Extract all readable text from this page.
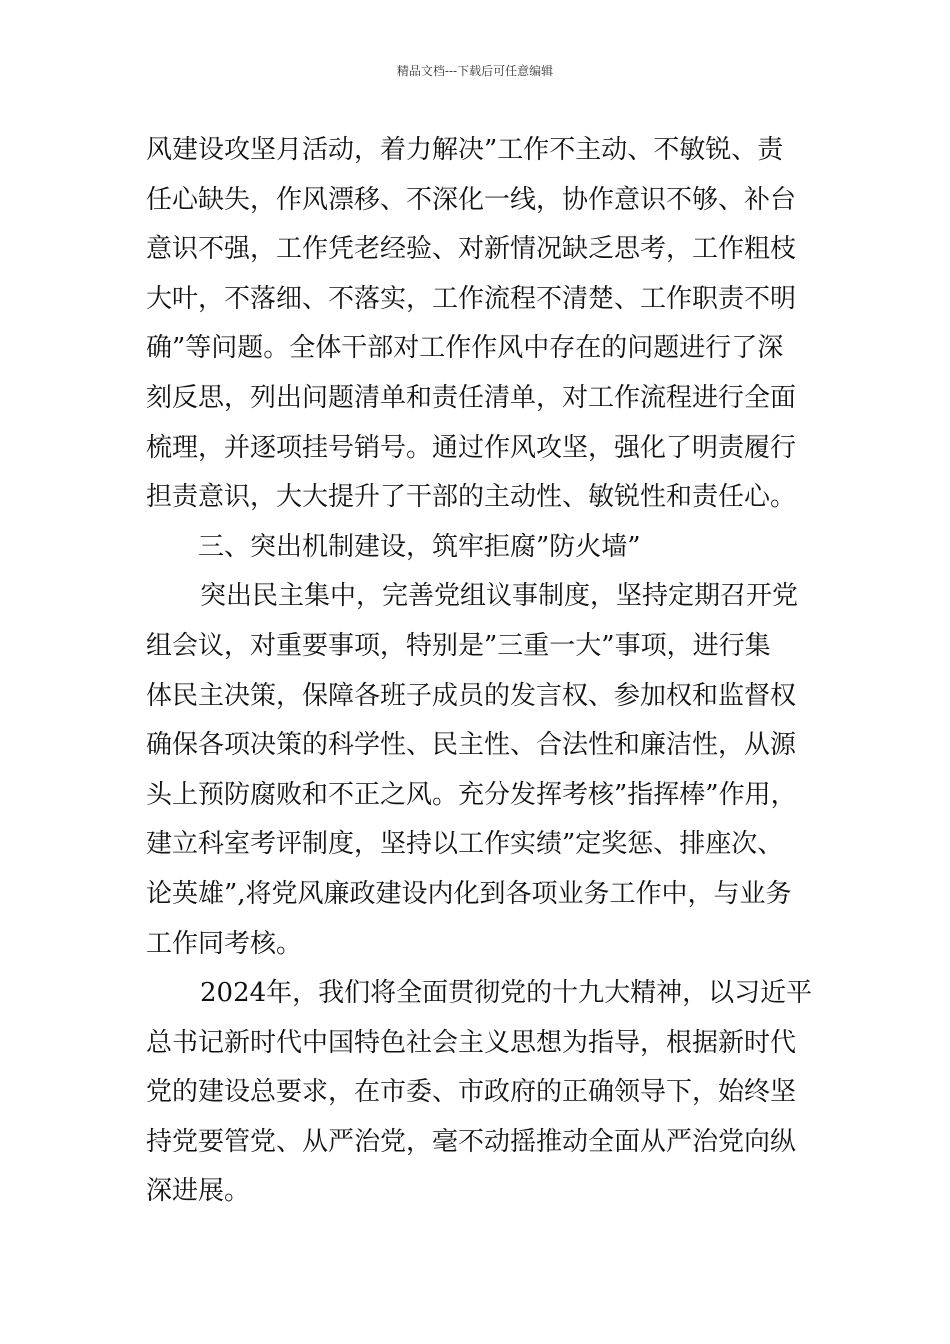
精品文档---下载后可任意编辑
风建设攻坚月活动，着力解决”工作不主动、不敏锐、责
任心缺失，作风漂移、不深化一线，协作意识不够、补台
意识不强，工作凭老经验、对新情况缺乏思考，工作粗枝
大叶，不落细、不落实，工作流程不清楚、工作职责不明
确”等问题。全体干部对工作作风中存在的问题进行了深
刻反思，列出问题清单和责任清单，对工作流程进行全面
梳理，并逐项挂号销号。通过作风攻坚，强化了明责履行
担责意识，大大提升了干部的主动性、敏锐性和责任心。
三、突出机制建设，筑牢拒腐”防火墙”
突出民主集中，完善党组议事制度，坚持定期召开党
组会议，对重要事项，特别是”三重一大”事项，进行集
体民主决策，保障各班子成员的发言权、参加权和监督权
确保各项决策的科学性、民主性、合法性和廉洁性，从源
头上预防腐败和不正之风。充分发挥考核”指挥棒”作用，
建立科室考评制度，坚持以工作实绩”定奖惩、排座次、
论英雄”,将党风廉政建设内化到各项业务工作中，与业务
工作同考核。
2024年，我们将全面贯彻党的十九大精神，以习近平
总书记新时代中国特色社会主义思想为指导，根据新时代
党的建设总要求，在市委、市政府的正确领导下，始终坚
持党要管党、从严治党，毫不动摇推动全面从严治党向纵
深进展。
